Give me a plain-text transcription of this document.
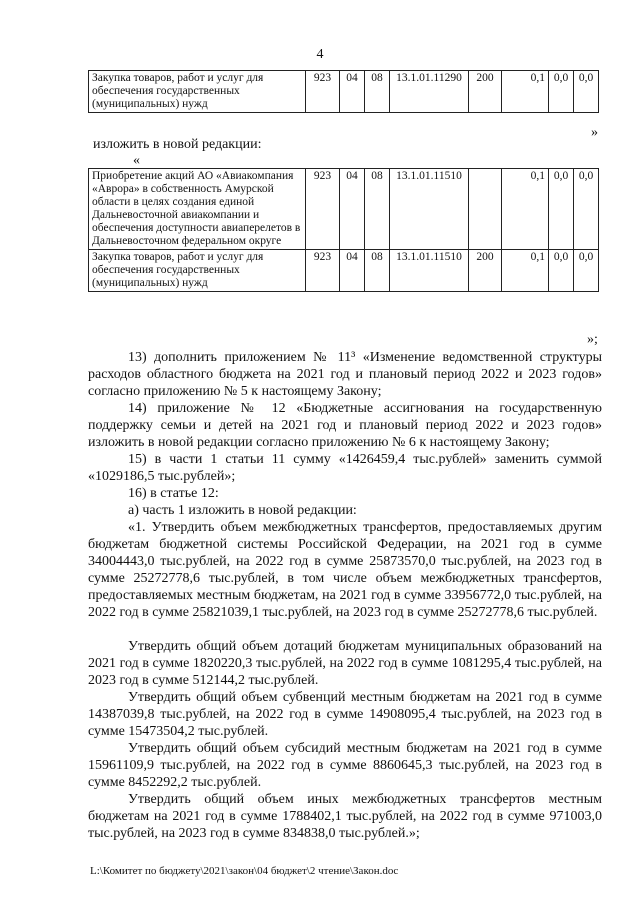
4
Закупка товаров, работ и услуг для обеспечения государственных (муниципальных) нужд	923	04	08	13.1.01.11290	200	0,1	0,0	0,0
»
изложить в новой редакции:
«
Приобретение акций АО «Авиакомпания «Аврора» в собственность Амурской области в целях создания единой Дальневосточной авиакомпании и обеспечения доступности авиаперелетов в Дальневосточном федеральном округе	923	04	08	13.1.01.11510		0,1	0,0	0,0
Закупка товаров, работ и услуг для обеспечения государственных (муниципальных) нужд	923	04	08	13.1.01.11510	200	0,1	0,0	0,0
»;
13) дополнить приложением № 11³ «Изменение ведомственной структуры расходов областного бюджета на 2021 год и плановый период 2022 и 2023 годов» согласно приложению № 5 к настоящему Закону;
14) приложение № 12 «Бюджетные ассигнования на государственную поддержку семьи и детей на 2021 год и плановый период 2022 и 2023 годов» изложить в новой редакции согласно приложению № 6 к настоящему Закону;
15) в части 1 статьи 11 сумму «1426459,4 тыс.рублей» заменить суммой «1029186,5 тыс.рублей»;
16) в статье 12:
а) часть 1 изложить в новой редакции:
«1. Утвердить объем межбюджетных трансфертов, предоставляемых другим бюджетам бюджетной системы Российской Федерации, на 2021 год в сумме 34004443,0 тыс.рублей, на 2022 год в сумме 25873570,0 тыс.рублей, на 2023 год в сумме 25272778,6 тыс.рублей, в том числе объем межбюджетных трансфертов, предоставляемых местным бюджетам, на 2021 год в сумме 33956772,0 тыс.рублей, на 2022 год в сумме 25821039,1 тыс.рублей, на 2023 год в сумме 25272778,6 тыс.рублей.
Утвердить общий объем дотаций бюджетам муниципальных образований на 2021 год в сумме 1820220,3 тыс.рублей, на 2022 год в сумме 1081295,4 тыс.рублей, на 2023 год в сумме 512144,2 тыс.рублей.
Утвердить общий объем субвенций местным бюджетам на 2021 год в сумме 14387039,8 тыс.рублей, на 2022 год в сумме 14908095,4 тыс.рублей, на 2023 год в сумме 15473504,2 тыс.рублей.
Утвердить общий объем субсидий местным бюджетам на 2021 год в сумме 15961109,9 тыс.рублей, на 2022 год в сумме 8860645,3 тыс.рублей, на 2023 год в сумме 8452292,2 тыс.рублей.
Утвердить общий объем иных межбюджетных трансфертов местным бюджетам на 2021 год в сумме 1788402,1 тыс.рублей, на 2022 год в сумме 971003,0 тыс.рублей, на 2023 год в сумме 834838,0 тыс.рублей.»;
L:\Комитет по бюджету\2021\закон\04 бюджет\2 чтение\Закон.doc
